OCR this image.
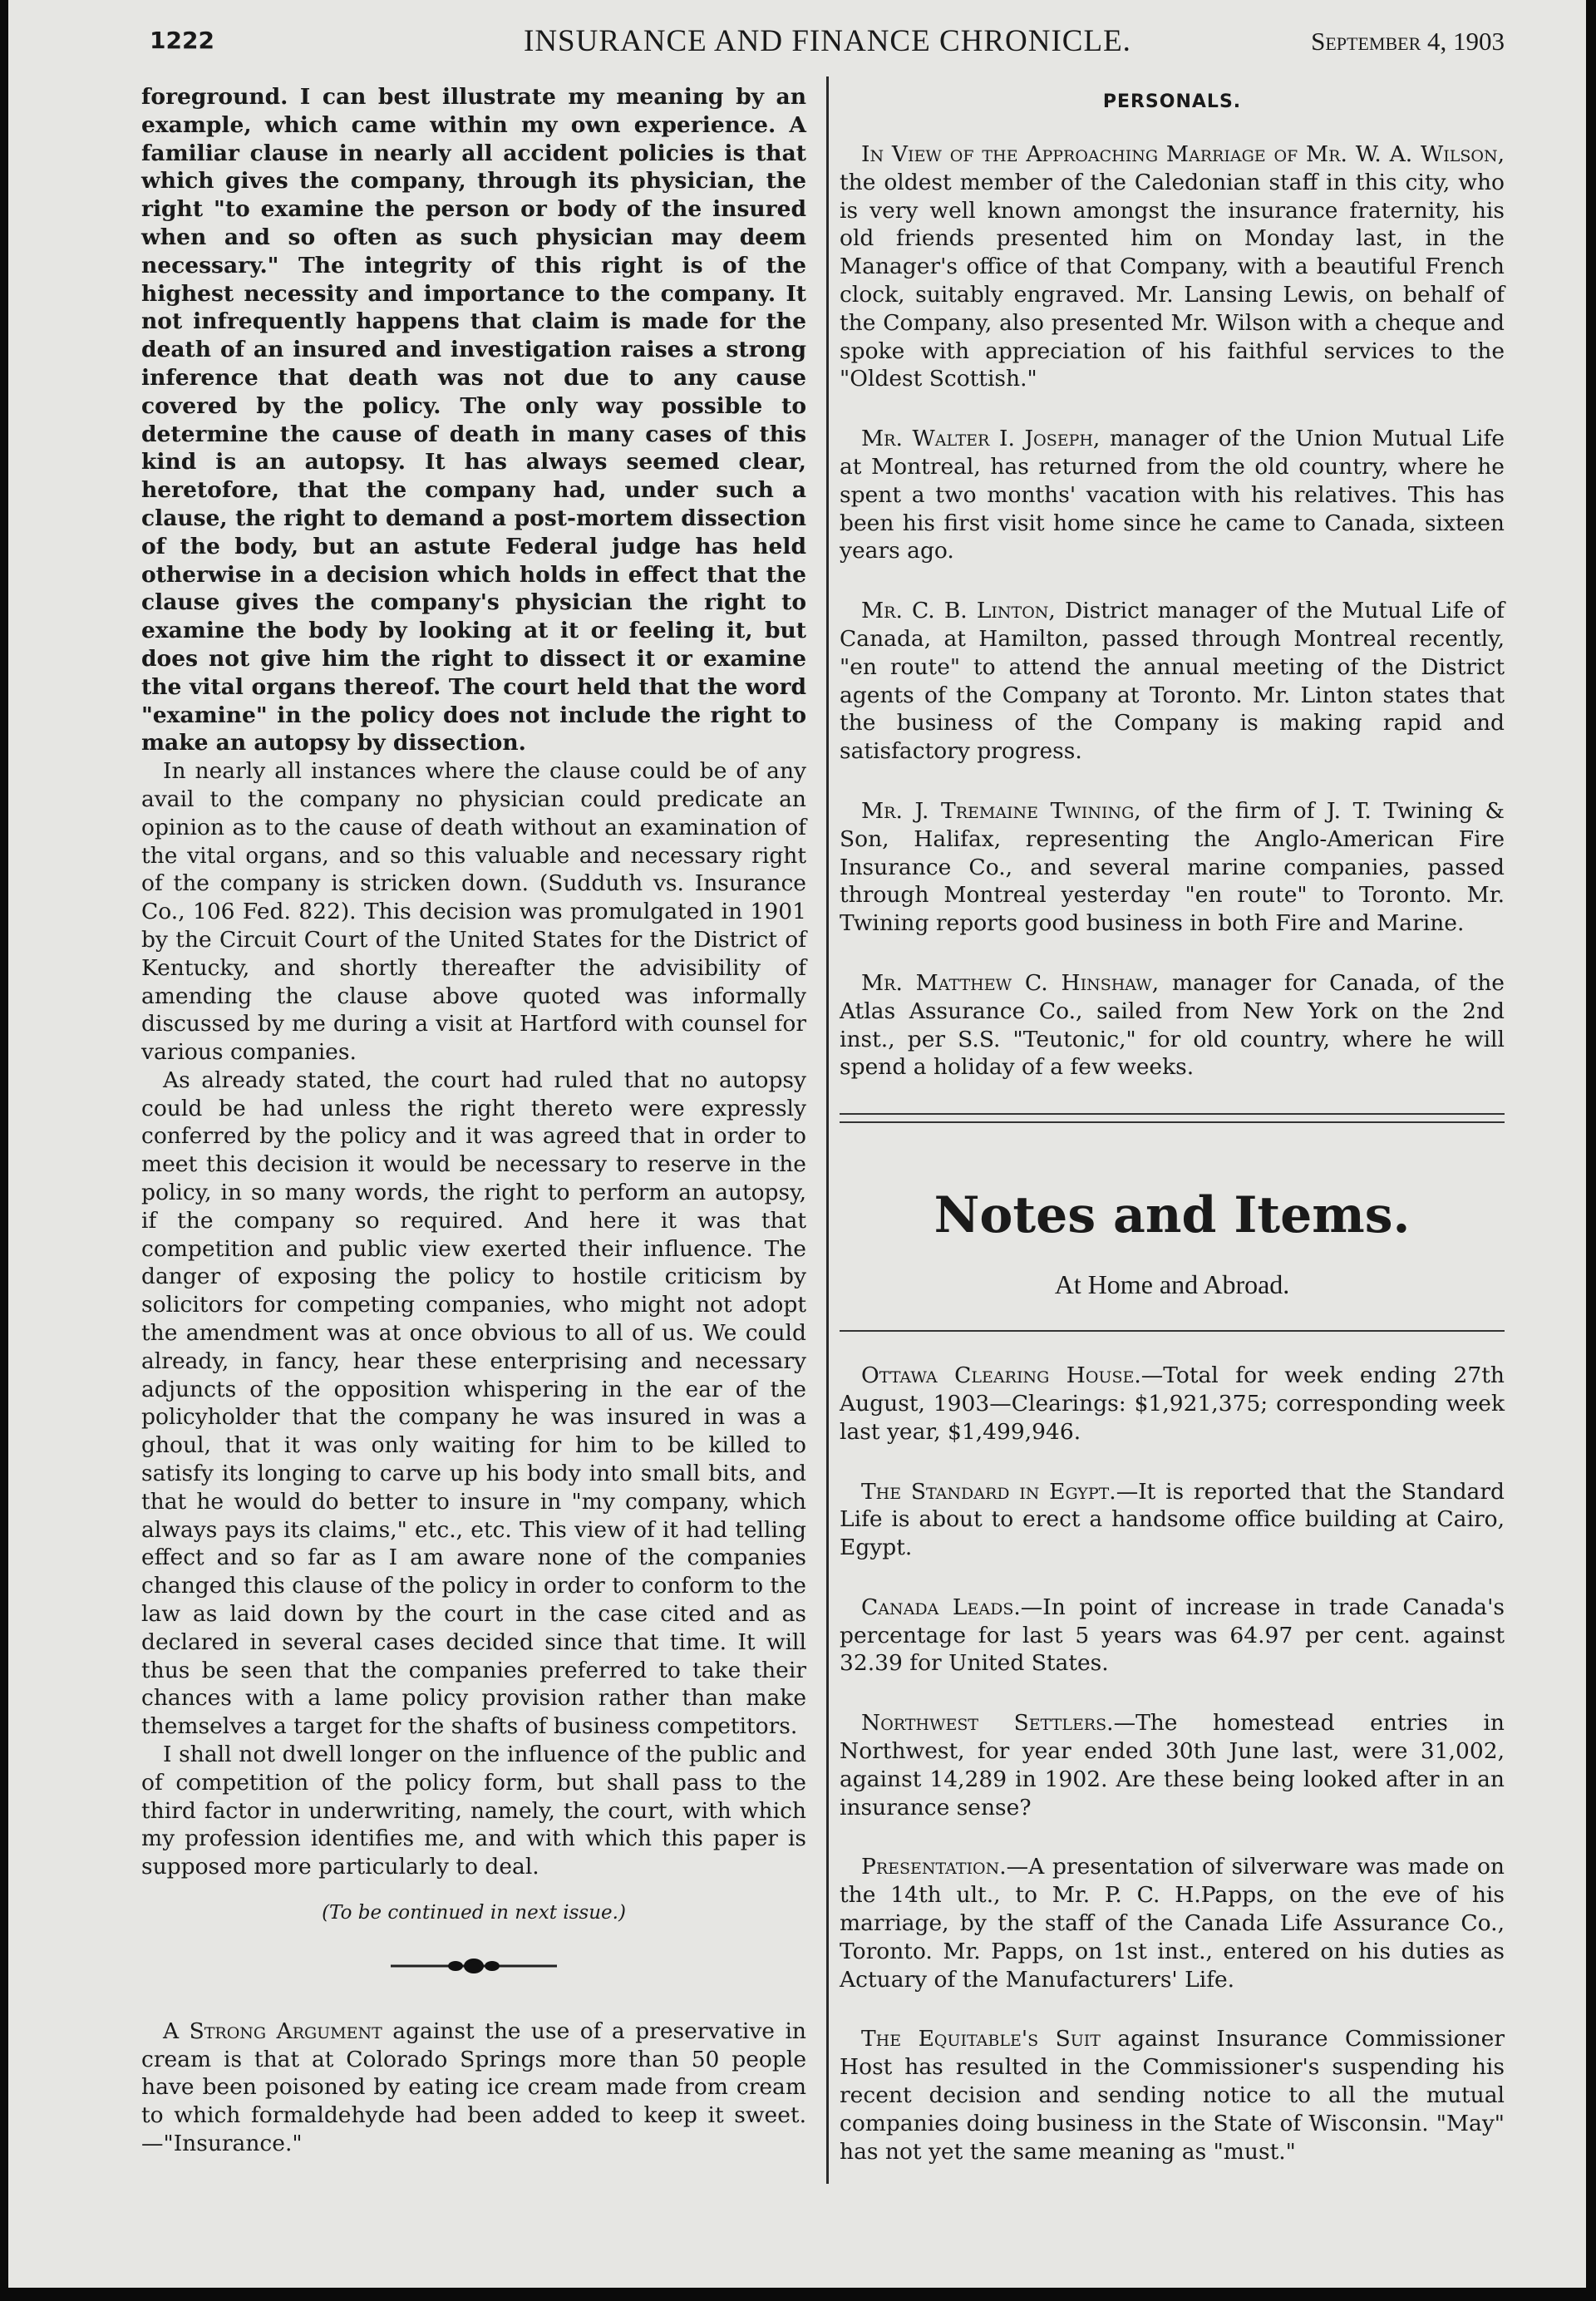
1222	INSURANCE AND FINANCE CHRONICLE.	September 4, 1903

foreground. I can best illustrate my meaning by an example, which came within my own experience. A familiar clause in nearly all accident policies is that which gives the company, through its physician, the right "to examine the person or body of the insured when and so often as such physician may deem necessary." The integrity of this right is of the highest necessity and importance to the company. It not infrequently happens that claim is made for the death of an insured and investigation raises a strong inference that death was not due to any cause covered by the policy. The only way possible to determine the cause of death in many cases of this kind is an autopsy. It has always seemed clear, heretofore, that the company had, under such a clause, the right to demand a post-mortem dissection of the body, but an astute Federal judge has held otherwise in a decision which holds in effect that the clause gives the company's physician the right to examine the body by looking at it or feeling it, but does not give him the right to dissect it or examine the vital organs thereof. The court held that the word "examine" in the policy does not include the right to make an autopsy by dissection.

In nearly all instances where the clause could be of any avail to the company no physician could predicate an opinion as to the cause of death without an examination of the vital organs, and so this valuable and necessary right of the company is stricken down. (Sudduth vs. Insurance Co., 106 Fed. 822). This decision was promulgated in 1901 by the Circuit Court of the United States for the District of Kentucky, and shortly thereafter the advisibility of amending the clause above quoted was informally discussed by me during a visit at Hartford with counsel for various companies.

As already stated, the court had ruled that no autopsy could be had unless the right thereto were expressly conferred by the policy and it was agreed that in order to meet this decision it would be necessary to reserve in the policy, in so many words, the right to perform an autopsy, if the company so required. And here it was that competition and public view exerted their influence. The danger of exposing the policy to hostile criticism by solicitors for competing companies, who might not adopt the amendment was at once obvious to all of us. We could already, in fancy, hear these enterprising and necessary adjuncts of the opposition whispering in the ear of the policyholder that the company he was insured in was a ghoul, that it was only waiting for him to be killed to satisfy its longing to carve up his body into small bits, and that he would do better to insure in "my company, which always pays its claims," etc., etc. This view of it had telling effect and so far as I am aware none of the companies changed this clause of the policy in order to conform to the law as laid down by the court in the case cited and as declared in several cases decided since that time. It will thus be seen that the companies preferred to take their chances with a lame policy provision rather than make themselves a target for the shafts of business competitors.

I shall not dwell longer on the influence of the public and of competition of the policy form, but shall pass to the third factor in underwriting, namely, the court, with which my profession identifies me, and with which this paper is supposed more particularly to deal.

(To be continued in next issue.)

A Strong Argument against the use of a preservative in cream is that at Colorado Springs more than 50 people have been poisoned by eating ice cream made from cream to which formaldehyde had been added to keep it sweet.—"Insurance."

PERSONALS.

In View of the Approaching Marriage of Mr. W. A. Wilson, the oldest member of the Caledonian staff in this city, who is very well known amongst the insurance fraternity, his old friends presented him on Monday last, in the Manager's office of that Company, with a beautiful French clock, suitably engraved. Mr. Lansing Lewis, on behalf of the Company, also presented Mr. Wilson with a cheque and spoke with appreciation of his faithful services to the "Oldest Scottish."

Mr. Walter I. Joseph, manager of the Union Mutual Life at Montreal, has returned from the old country, where he spent a two months' vacation with his relatives. This has been his first visit home since he came to Canada, sixteen years ago.

Mr. C. B. Linton, District manager of the Mutual Life of Canada, at Hamilton, passed through Montreal recently, "en route" to attend the annual meeting of the District agents of the Company at Toronto. Mr. Linton states that the business of the Company is making rapid and satisfactory progress.

Mr. J. Tremaine Twining, of the firm of J. T. Twining & Son, Halifax, representing the Anglo-American Fire Insurance Co., and several marine companies, passed through Montreal yesterday "en route" to Toronto. Mr. Twining reports good business in both Fire and Marine.

Mr. Matthew C. Hinshaw, manager for Canada, of the Atlas Assurance Co., sailed from New York on the 2nd inst., per S.S. "Teutonic," for old country, where he will spend a holiday of a few weeks.

Notes and Items.
At Home and Abroad.

Ottawa Clearing House.—Total for week ending 27th August, 1903—Clearings: $1,921,375; corresponding week last year, $1,499,946.

The Standard in Egypt.—It is reported that the Standard Life is about to erect a handsome office building at Cairo, Egypt.

Canada Leads.—In point of increase in trade Canada's percentage for last 5 years was 64.97 per cent. against 32.39 for United States.

Northwest Settlers.—The homestead entries in Northwest, for year ended 30th June last, were 31,002, against 14,289 in 1902. Are these being looked after in an insurance sense?

Presentation.—A presentation of silverware was made on the 14th ult., to Mr. P. C. H.Papps, on the eve of his marriage, by the staff of the Canada Life Assurance Co., Toronto. Mr. Papps, on 1st inst., entered on his duties as Actuary of the Manufacturers' Life.

The Equitable's Suit against Insurance Commissioner Host has resulted in the Commissioner's suspending his recent decision and sending notice to all the mutual companies doing business in the State of Wisconsin. "May" has not yet the same meaning as "must."
